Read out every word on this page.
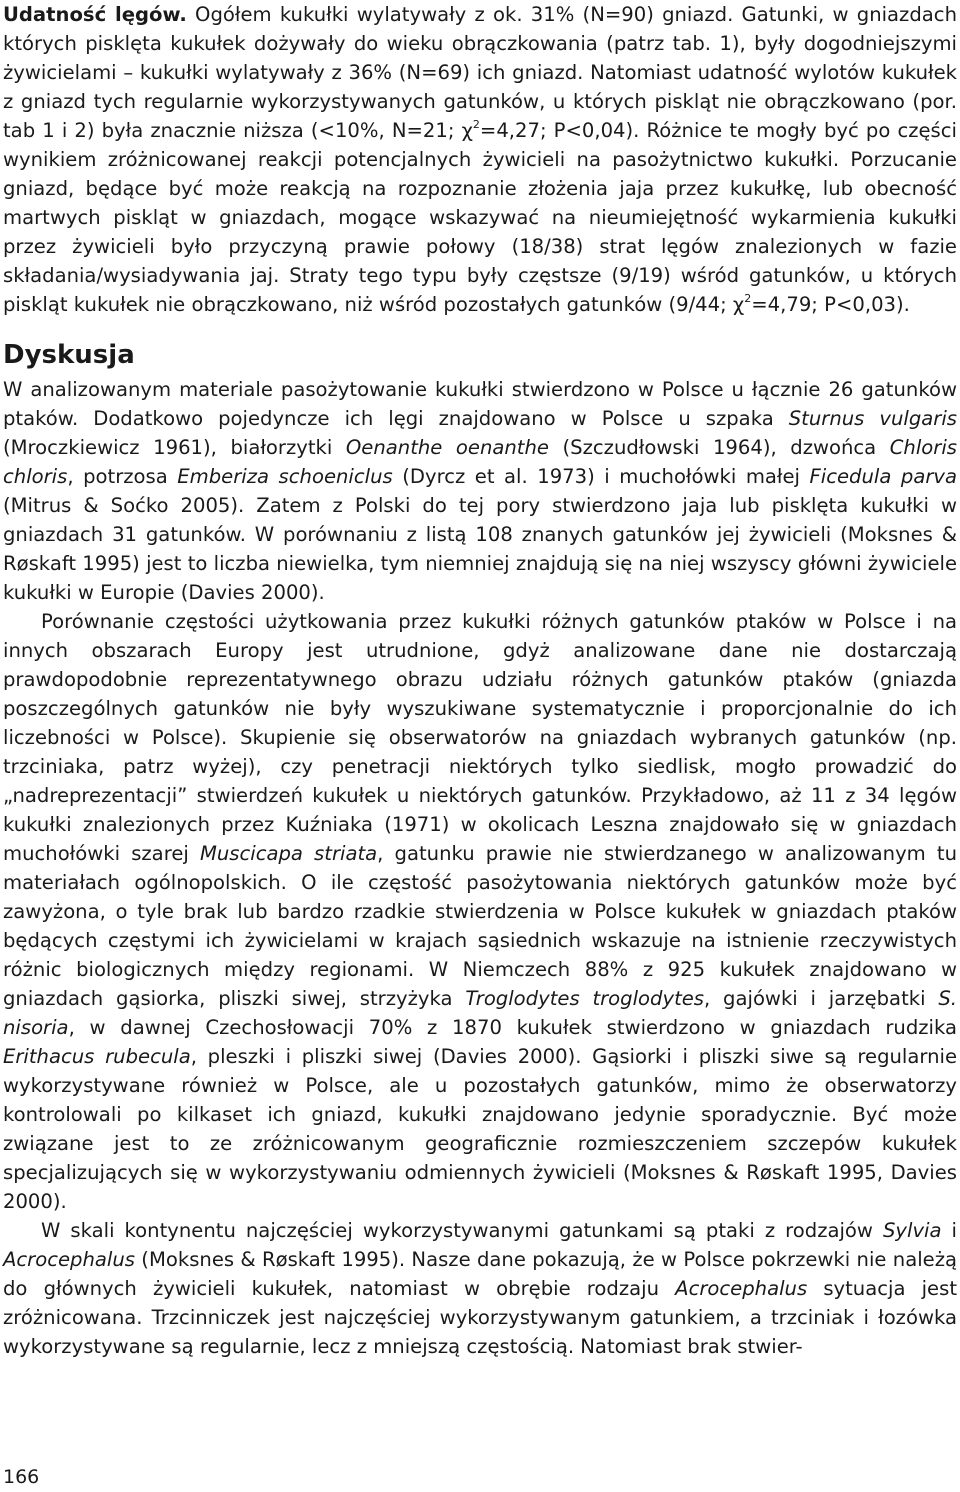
Udatność lęgów. Ogółem kukułki wylatywały z ok. 31% (N=90) gniazd. Gatunki, w gniazdach których pisklęta kukułek dożywały do wieku obrączkowania (patrz tab. 1), były dogodniejszymi żywicielami – kukułki wylatywały z 36% (N=69) ich gniazd. Natomiast udatność wylotów kukułek z gniazd tych regularnie wykorzystywanych gatunków, u których piskląt nie obrączkowano (por. tab 1 i 2) była znacznie niższa (<10%, N=21; $\chi^2=4,27$; P<0,04). Różnice te mogły być po części wynikiem zróżnicowanej reakcji potencjalnych żywicieli na pasożytnictwo kukułki. Porzucanie gniazd, będące być może reakcją na rozpoznanie złożenia jaja przez kukułkę, lub obecność martwych piskląt w gniazdach, mogące wskazywać na nieumiejętność wykarmienia kukułki przez żywicieli było przyczyną prawie połowy (18/38) strat lęgów znalezionych w fazie składania/wysiadywania jaj. Straty tego typu były częstsze (9/19) wśród gatunków, u których piskląt kukułek nie obrączkowano, niż wśród pozostałych gatunków (9/44; $\chi^2=4,79$; P<0,03).

Dyskusja

W analizowanym materiale pasożytowanie kukułki stwierdzono w Polsce u łącznie 26 gatunków ptaków. Dodatkowo pojedyncze ich lęgi znajdowano w Polsce u szpaka Sturnus vulgaris (Mroczkiewicz 1961), białorzytki Oenanthe oenanthe (Szczudłowski 1964), dzwońca Chloris chloris, potrzosa Emberiza schoeniclus (Dyrcz et al. 1973) i muchołówki małej Ficedula parva (Mitrus & Soćko 2005). Zatem z Polski do tej pory stwierdzono jaja lub pisklęta kukułki w gniazdach 31 gatunków. W porównaniu z listą 108 znanych gatunków jej żywicieli (Moksnes & Røskaft 1995) jest to liczba niewielka, tym niemniej znajdują się na niej wszyscy główni żywiciele kukułki w Europie (Davies 2000).

Porównanie częstości użytkowania przez kukułki różnych gatunków ptaków w Polsce i na innych obszarach Europy jest utrudnione, gdyż analizowane dane nie dostarczają prawdopodobnie reprezentatywnego obrazu udziału różnych gatunków ptaków (gniazda poszczególnych gatunków nie były wyszukiwane systematycznie i proporcjonalnie do ich liczebności w Polsce). Skupienie się obserwatorów na gniazdach wybranych gatunków (np. trzciniaka, patrz wyżej), czy penetracji niektórych tylko siedlisk, mogło prowadzić do „nadreprezentacji” stwierdzeń kukułek u niektórych gatunków. Przykładowo, aż 11 z 34 lęgów kukułki znalezionych przez Kuźniaka (1971) w okolicach Leszna znajdowało się w gniazdach muchołówki szarej Muscicapa striata, gatunku prawie nie stwierdzanego w analizowanym tu materiałach ogólnopolskich. O ile częstość pasożytowania niektórych gatunków może być zawyżona, o tyle brak lub bardzo rzadkie stwierdzenia w Polsce kukułek w gniazdach ptaków będących częstymi ich żywicielami w krajach sąsiednich wskazuje na istnienie rzeczywistych różnic biologicznych między regionami. W Niemczech 88% z 925 kukułek znajdowano w gniazdach gąsiorka, pliszki siwej, strzyżyka Troglodytes troglodytes, gajówki i jarzębatki S. nisoria, w dawnej Czechosłowacji 70% z 1870 kukułek stwierdzono w gniazdach rudzika Erithacus rubecula, pleszki i pliszki siwej (Davies 2000). Gąsiorki i pliszki siwe są regularnie wykorzystywane również w Polsce, ale u pozostałych gatunków, mimo że obserwatorzy kontrolowali po kilkaset ich gniazd, kukułki znajdowano jedynie sporadycznie. Być może związane jest to ze zróżnicowanym geograficznie rozmieszczeniem szczepów kukułek specjalizujących się w wykorzystywaniu odmiennych żywicieli (Moksnes & Røskaft 1995, Davies 2000).

W skali kontynentu najczęściej wykorzystywanymi gatunkami są ptaki z rodzajów Sylvia i Acrocephalus (Moksnes & Røskaft 1995). Nasze dane pokazują, że w Polsce pokrzewki nie należą do głównych żywicieli kukułek, natomiast w obrębie rodzaju Acrocephalus sytuacja jest zróżnicowana. Trzcinniczek jest najczęściej wykorzystywanym gatunkiem, a trzciniak i łozówka wykorzystywane są regularnie, lecz z mniejszą częstością. Natomiast brak stwier-

166
